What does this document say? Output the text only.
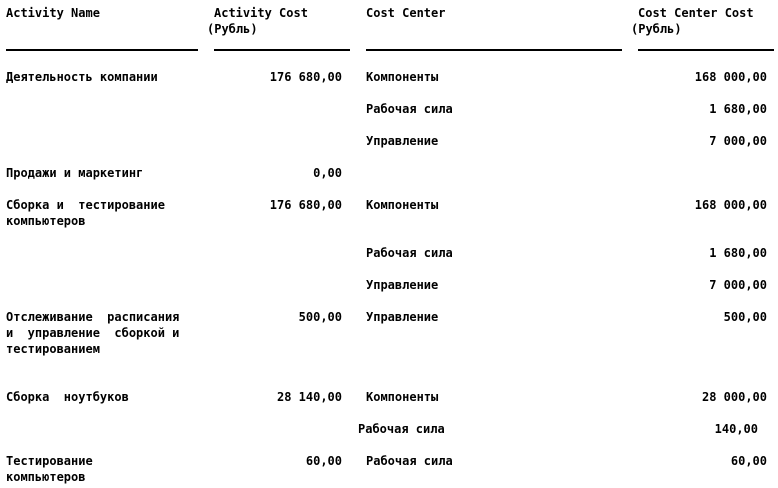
Activity Name	Activity Cost
(Рубль)
Cost Center	Cost Center Cost
(Рубль)
Деятельность компании	176 680,00 Компоненты	168 000,00
Рабочая сила	1 680,00
Управление	7 000,00
Продажи и маркетинг	0,00
Сборка и  тестирование
компьютеров
176 680,00 Компоненты	168 000,00
Рабочая сила	1 680,00
Управление	7 000,00
Отслеживание  расписания
и  управление  сборкой и
тестированием
500,00 Управление	500,00
Сборка  ноутбуков	28 140,00 Компоненты	28 000,00
Рабочая сила	140,00
Тестирование
компьютеров
60,00 Рабочая сила	60,00
